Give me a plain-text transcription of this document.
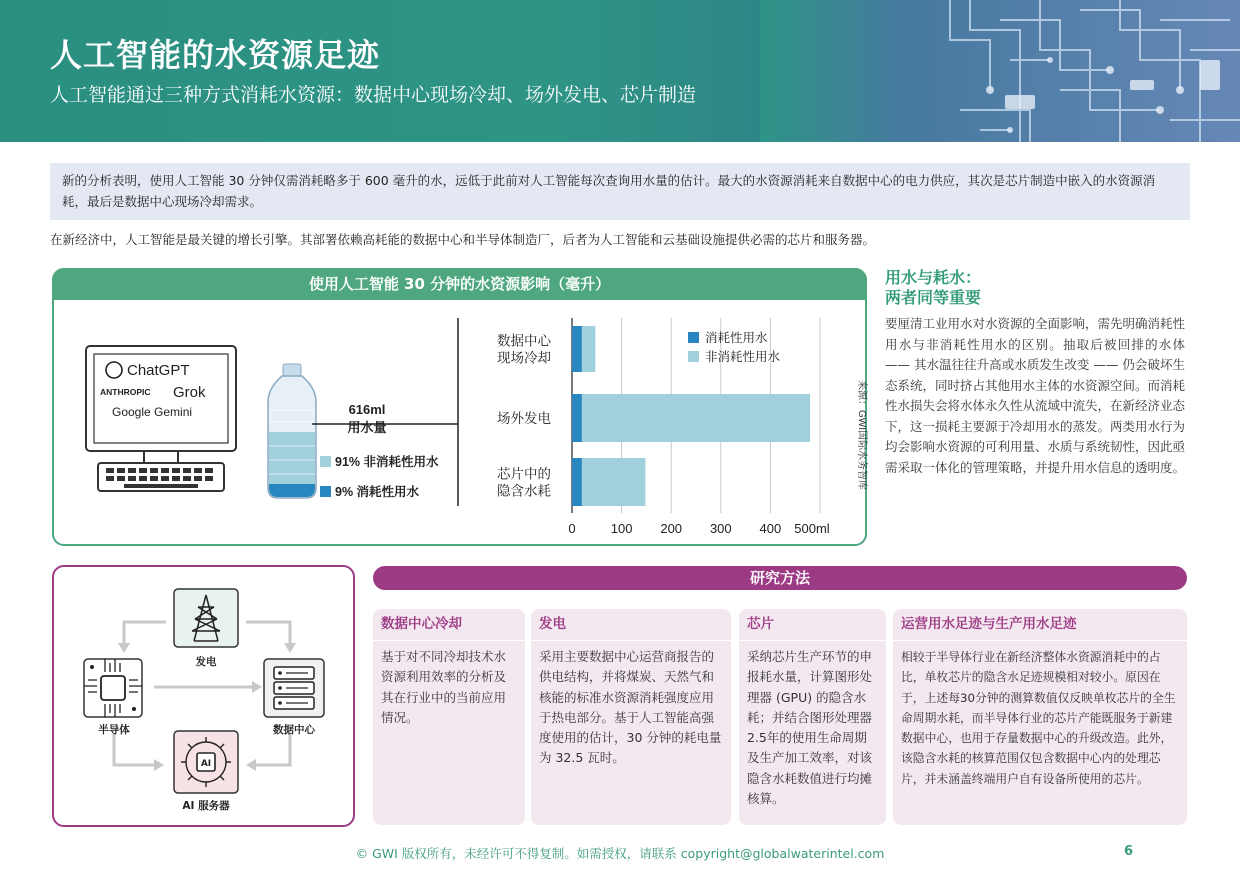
人工智能的水资源足迹
人工智能通过三种方式消耗水资源：数据中心现场冷却、场外发电、芯片制造
新的分析表明，使用人工智能 30 分钟仅需消耗略多于 600 毫升的水，远低于此前对人工智能每次查询用水量的估计。最大的水资源消耗来自数据中心的电力供应，其次是芯片制造中嵌入的水资源消耗，最后是数据中心现场冷却需求。
在新经济中，人工智能是最关键的增长引擎。其部署依赖高耗能的数据中心和半导体制造厂，后者为人工智能和云基础设施提供必需的芯片和服务器。
使用人工智能 30 分钟的水资源影响（毫升）
ChatGPT
ANTHROPIC Grok
Google Gemini	616ml
用水量
91% 非消耗性用水
9% 消耗性用水
0	100 200 300 400 500ml
数据中心
现场冷却
场外发电
芯片中的
隐含水耗
消耗性用水
非消耗性用水
来源：GWI国际水务智库
用水与耗水：
两者同等重要

要厘清工业用水对水资源的全面影响，需先明确消耗性用水与非消耗性用水的区别。抽取后被回排的水体 —— 其水温往往升高或水质发生改变 —— 仍会破坏生态系统，同时挤占其他用水主体的水资源空间。而消耗性水损失会将水体永久性从流域中流失，在新经济业态下，这一损耗主要源于冷却用水的蒸发。两类用水行为均会影响水资源的可利用量、水质与系统韧性，因此亟需采取一体化的管理策略，并提升用水信息的透明度。

发电
半导体	数据中心
AI
AI 服务器
研究方法
数据中心冷却

基于对不同冷却技术水资源利用效率的分析及其在行业中的当前应用情况。

发电

采用主要数据中心运营商报告的供电结构，并将煤炭、天然气和核能的标准水资源消耗强度应用于热电部分。基于人工智能高强度使用的估计，30 分钟的耗电量为 32.5 瓦时。

芯片

采纳芯片生产环节的申报耗水量，计算图形处理器 (GPU) 的隐含水耗；并结合图形处理器2.5年的使用生命周期及生产加工效率，对该隐含水耗数值进行均摊核算。

运营用水足迹与生产用水足迹

相较于半导体行业在新经济整体水资源消耗中的占比，单枚芯片的隐含水足迹规模相对较小。原因在于，上述每30分钟的测算数值仅反映单枚芯片的全生命周期水耗，而半导体行业的芯片产能既服务于新建数据中心，也用于存量数据中心的升级改造。此外，该隐含水耗的核算范围仅包含数据中心内的处理芯片，并未涵盖终端用户自有设备所使用的芯片。

© GWI 版权所有，未经许可不得复制。如需授权，请联系 copyright@globalwaterintel.com	6
